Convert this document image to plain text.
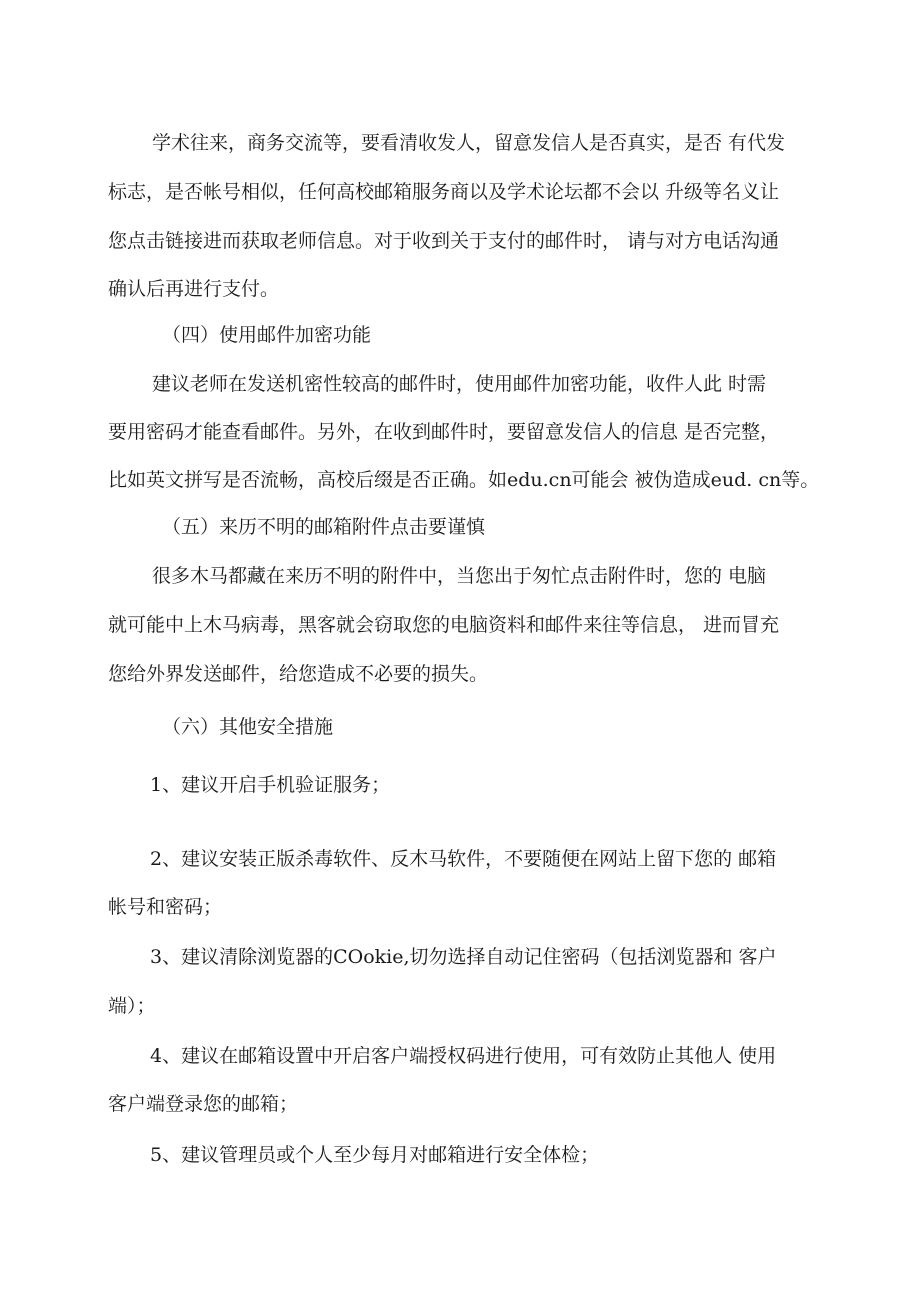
学术往来，商务交流等，要看清收发人，留意发信人是否真实，是否 有代发
标志，是否帐号相似，任何高校邮箱服务商以及学术论坛都不会以 升级等名义让
您点击链接进而获取老师信息。对于收到关于支付的邮件时， 请与对方电话沟通
确认后再进行支付。
（四）使用邮件加密功能
建议老师在发送机密性较高的邮件时，使用邮件加密功能，收件人此 时需
要用密码才能查看邮件。另外，在收到邮件时，要留意发信人的信息 是否完整，
比如英文拼写是否流畅，高校后缀是否正确。如edu.cn可能会 被伪造成eud. cn等。
（五）来历不明的邮箱附件点击要谨慎
很多木马都藏在来历不明的附件中，当您出于匆忙点击附件时，您的 电脑
就可能中上木马病毒，黑客就会窃取您的电脑资料和邮件来往等信息， 进而冒充
您给外界发送邮件，给您造成不必要的损失。
（六）其他安全措施
1、建议开启手机验证服务；
2、建议安装正版杀毒软件、反木马软件，不要随便在网站上留下您的 邮箱
帐号和密码；
3、建议清除浏览器的COokie,切勿选择自动记住密码（包括浏览器和 客户
端）；
4、建议在邮箱设置中开启客户端授权码进行使用，可有效防止其他人 使用
客户端登录您的邮箱；
5、建议管理员或个人至少每月对邮箱进行安全体检；
